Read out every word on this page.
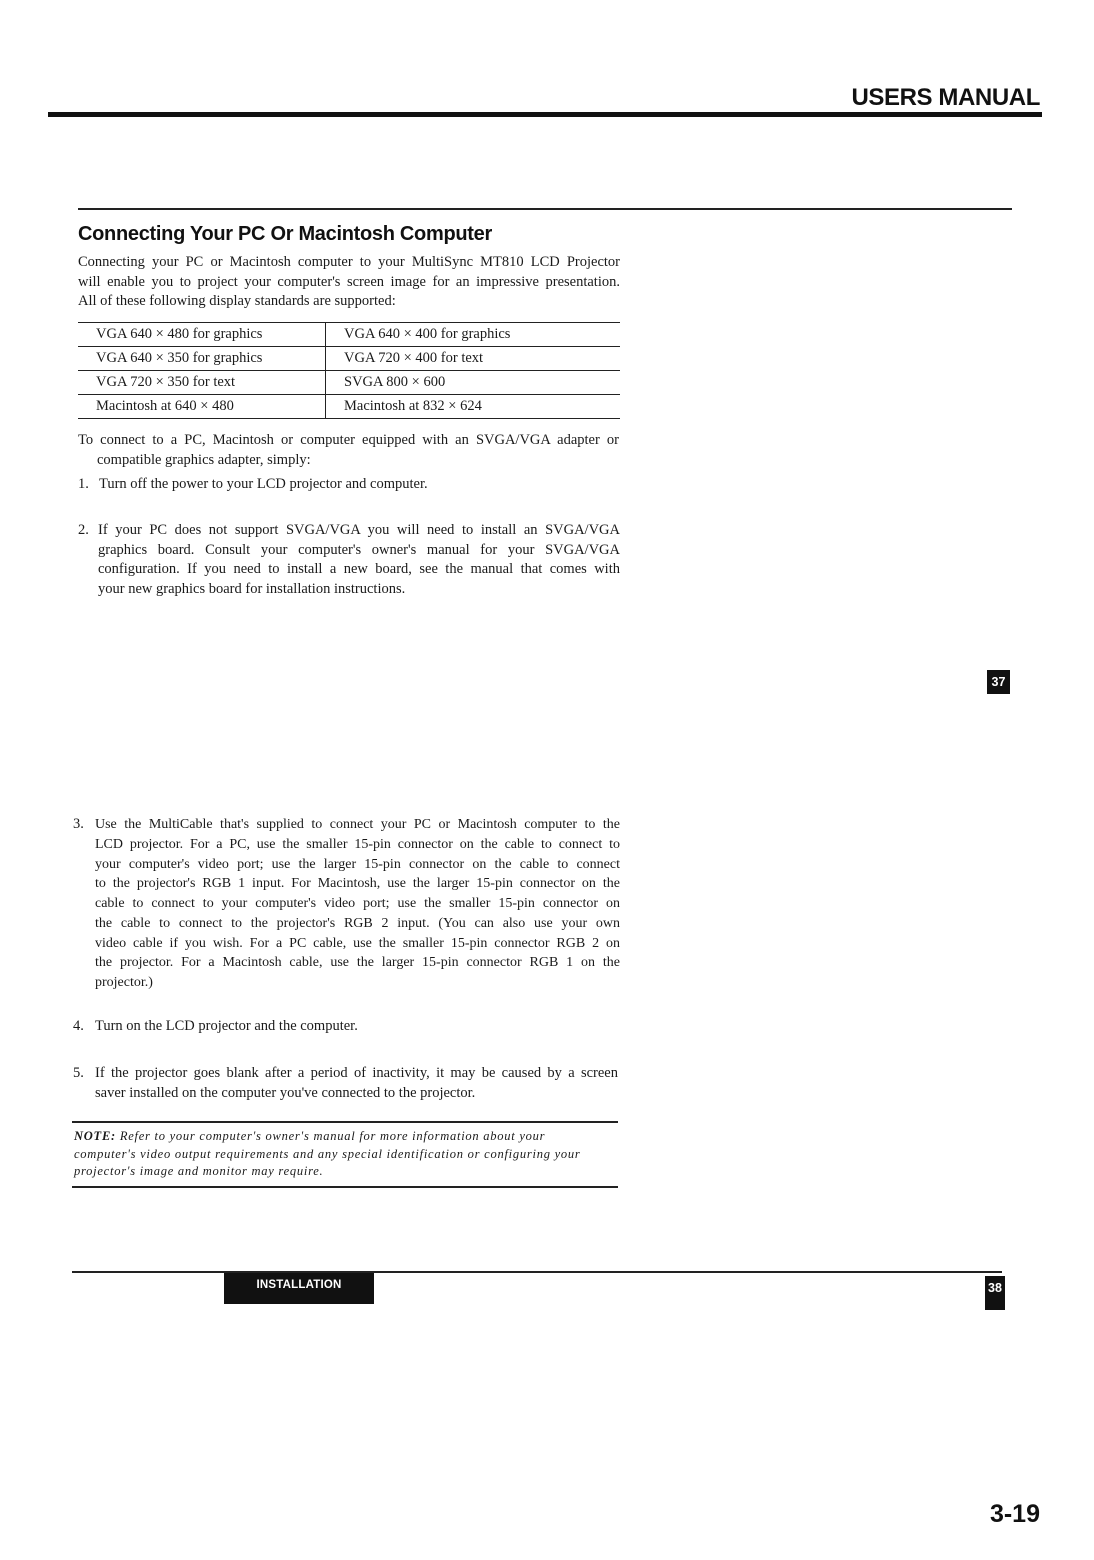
USERS MANUAL
Connecting Your PC Or Macintosh Computer
Connecting your PC or Macintosh computer to your MultiSync MT810 LCD Projector
will enable you to project your computer's screen image for an impressive presentation.
All of these following display standards are supported:
VGA 640 × 480 for graphics	VGA 640 × 400 for graphics
VGA 640 × 350 for graphics	VGA 720 × 400 for text
VGA 720 × 350 for text	SVGA 800 × 600
Macintosh at 640 × 480	Macintosh at 832 × 624
To connect to a PC, Macintosh or computer equipped with an SVGA/VGA adapter or
compatible graphics adapter, simply:
1. Turn off the power to your LCD projector and computer.
2. If your PC does not support SVGA/VGA you will need to install an SVGA/VGA
graphics board. Consult your computer's owner's manual for your SVGA/VGA
configuration. If you need to install a new board, see the manual that comes with
your new graphics board for installation instructions.
37
3. Use the MultiCable that's supplied to connect your PC or Macintosh computer to the
LCD projector. For a PC, use the smaller 15-pin connector on the cable to connect to
your computer's video port; use the larger 15-pin connector on the cable to connect
to the projector's RGB 1 input. For Macintosh, use the larger 15-pin connector on the
cable to connect to your computer's video port; use the smaller 15-pin connector on
the cable to connect to the projector's RGB 2 input. (You can also use your own
video cable if you wish. For a PC cable, use the smaller 15-pin connector RGB 2 on
the projector. For a Macintosh cable, use the larger 15-pin connector RGB 1 on the
projector.)
4. Turn on the LCD projector and the computer.
5. If the projector goes blank after a period of inactivity, it may be caused by a screen
saver installed on the computer you've connected to the projector.
NOTE: Refer to your computer's owner's manual for more information about your
computer's video output requirements and any special identification or configuring your
projector's image and monitor may require.
INSTALLATION	38
3-19
